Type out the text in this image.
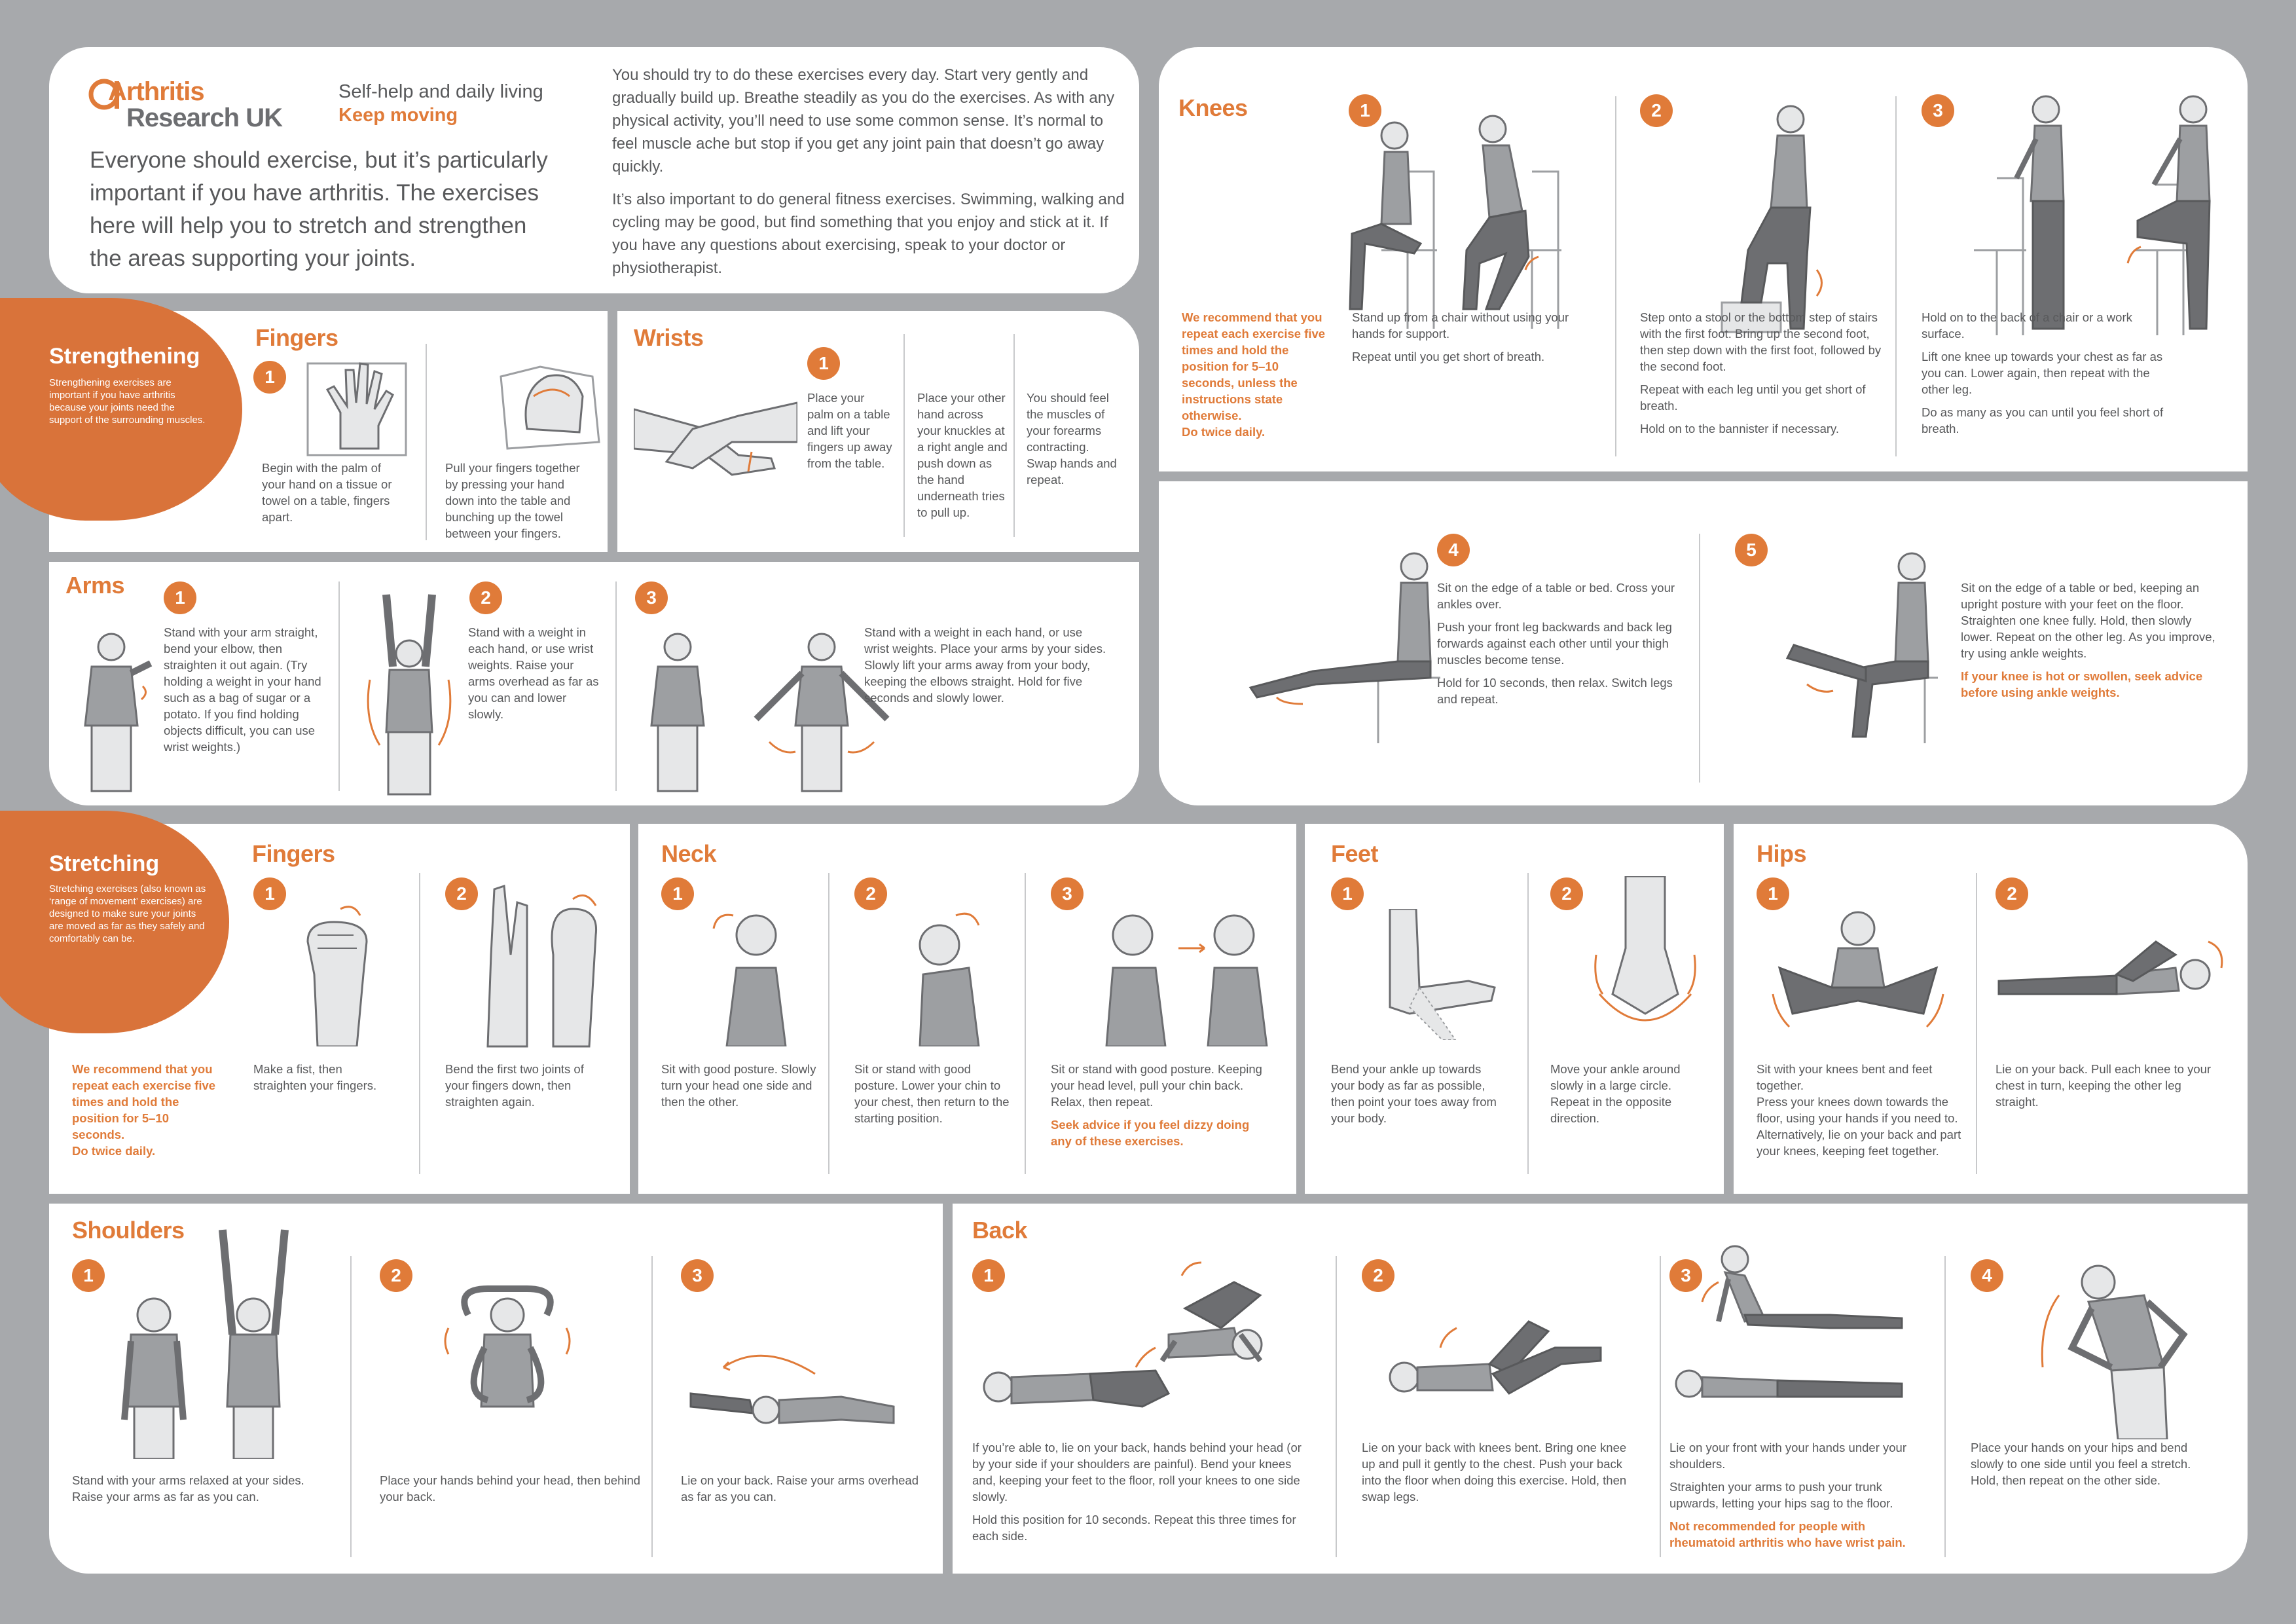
Arthritis
Research UK
Self-help and daily living
Keep moving
Everyone should exercise, but it’s particularly important if you have arthritis. The exercises here will help you to stretch and strengthen the areas supporting your joints.
You should try to do these exercises every day. Start very gently and gradually build up. Breathe steadily as you do the exercises. As with any physical activity, you’ll need to use some common sense. It’s normal to feel muscle ache but stop if you get any joint pain that doesn’t go away quickly.
It’s also important to do general fitness exercises. Swimming, walking and cycling may be good, but find something that you enjoy and stick at it. If you have any questions about exercising, speak to your doctor or physiotherapist.
Fingers
1
Begin with the palm of your hand on a tissue or towel on a table, fingers apart.
Pull your fingers together by pressing your hand down into the table and bunching up the towel between your fingers.
Strengthening
Strengthening exercises are important if you have arthritis because your joints need the support of the surrounding muscles.
Wrists
1
Place your palm on a table and lift your fingers up away from the table.
Place your other hand across your knuckles at a right angle and push down as the hand underneath tries to pull up.
You should feel the muscles of your forearms contracting. Swap hands and repeat.
Arms	1
Stand with your arm straight, bend your elbow, then straighten it out again. (Try holding a weight in your hand such as a bag of sugar or a potato. If you find holding objects difficult, you can use wrist weights.)
2
Stand with a weight in each hand, or use wrist weights. Raise your arms overhead as far as you can and lower slowly.
3
Stand with a weight in each hand, or use wrist weights. Place your arms by your sides. Slowly lift your arms away from your body, keeping the elbows straight. Hold for five seconds and slowly lower.
Knees
We recommend that you repeat each exercise five times and hold the position for 5–10 seconds, unless the instructions state otherwise.
Do twice daily.
1

Stand up from a chair without using your hands for support.

Repeat until you get short of breath.

2

Step onto a stool or the bottom step of stairs with the first foot. Bring up the second foot, then step down with the first foot, followed by the second foot.

Repeat with each leg until you get short of breath.

Hold on to the bannister if necessary.

3

Hold on to the back of a chair or a work surface.

Lift one knee up towards your chest as far as you can. Lower again, then repeat with the other leg.

Do as many as you can until you feel short of breath.

4

Sit on the edge of a table or bed. Cross your ankles over.

Push your front leg backwards and back leg forwards against each other until your thigh muscles become tense.

Hold for 10 seconds, then relax. Switch legs and repeat.

5

Sit on the edge of a table or bed, keeping an upright posture with your feet on the floor. Straighten one knee fully. Hold, then slowly lower. Repeat on the other leg. As you improve, try using ankle weights.

If your knee is hot or swollen, seek advice before using ankle weights.

Fingers
We recommend that you repeat each exercise five times and hold the position for 5–10 seconds.
Do twice daily.
1
Make a fist, then straighten your fingers.
2
Bend the first two joints of your fingers down, then straighten again.
Stretching
Stretching exercises (also known as ‘range of movement’ exercises) are designed to make sure your joints are moved as far as they safely and comfortably can be.
Neck
1
Sit with good posture. Slowly turn your head one side and then the other.
2
Sit or stand with good posture. Lower your chin to your chest, then return to the starting position.
3

Sit or stand with good posture. Keeping your head level, pull your chin back. Relax, then repeat.

Seek advice if you feel dizzy doing any of these exercises.

Feet
1
Bend your ankle up towards your body as far as possible, then point your toes away from your body.
2
Move your ankle around slowly in a large circle. Repeat in the opposite direction.
Hips
1

Sit with your knees bent and feet together.

Press your knees down towards the floor, using your hands if you need to.

Alternatively, lie on your back and part your knees, keeping feet together.

2
Lie on your back. Pull each knee to your chest in turn, keeping the other leg straight.
Shoulders
1
Stand with your arms relaxed at your sides. Raise your arms as far as you can.
2
Place your hands behind your head, then behind your back.
3
Lie on your back. Raise your arms overhead as far as you can.
Back
1

If you’re able to, lie on your back, hands behind your head (or by your side if your shoulders are painful). Bend your knees and, keeping your feet to the floor, roll your knees to one side slowly.

Hold this position for 10 seconds. Repeat this three times for each side.

2
Lie on your back with knees bent. Bring one knee up and pull it gently to the chest. Push your back into the floor when doing this exercise. Hold, then swap legs.
3

Lie on your front with your hands under your shoulders.

Straighten your arms to push your trunk upwards, letting your hips sag to the floor.

Not recommended for people with rheumatoid arthritis who have wrist pain.

4
Place your hands on your hips and bend slowly to one side until you feel a stretch. Hold, then repeat on the other side.
